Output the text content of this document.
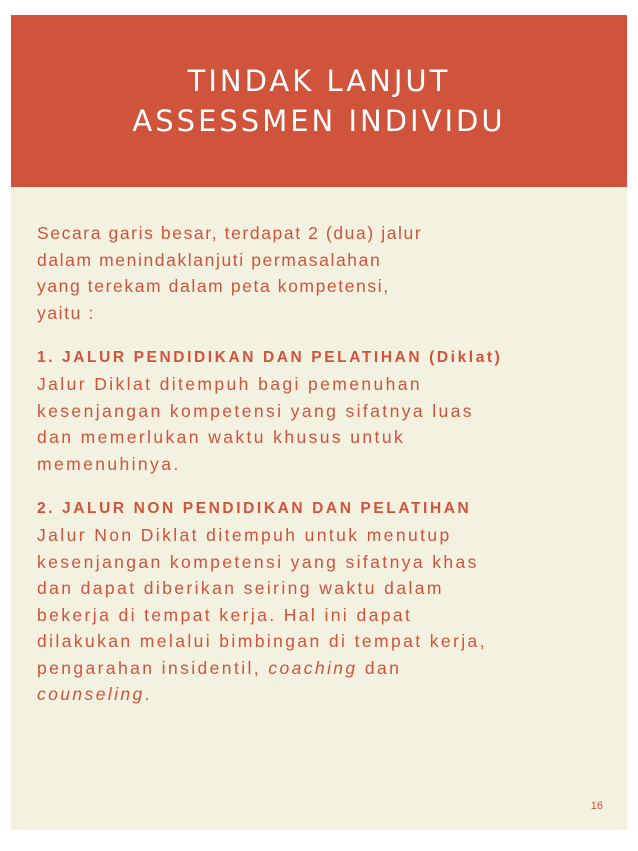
TINDAK LANJUT
ASSESSMEN INDIVIDU

Secara garis besar, terdapat 2 (dua) jalur

dalam menindaklanjuti permasalahan

yang terekam dalam peta kompetensi,

yaitu :

1. JALUR PENDIDIKAN DAN PELATIHAN (Diklat)

Jalur Diklat ditempuh bagi pemenuhan

kesenjangan kompetensi yang sifatnya luas

dan memerlukan waktu khusus untuk

memenuhinya.

2. JALUR NON PENDIDIKAN DAN PELATIHAN

Jalur Non Diklat ditempuh untuk menutup

kesenjangan kompetensi yang sifatnya khas

dan dapat diberikan seiring waktu dalam

bekerja di tempat kerja. Hal ini dapat

dilakukan melalui bimbingan di tempat kerja,

pengarahan insidentil, coaching dan

counseling.

16
